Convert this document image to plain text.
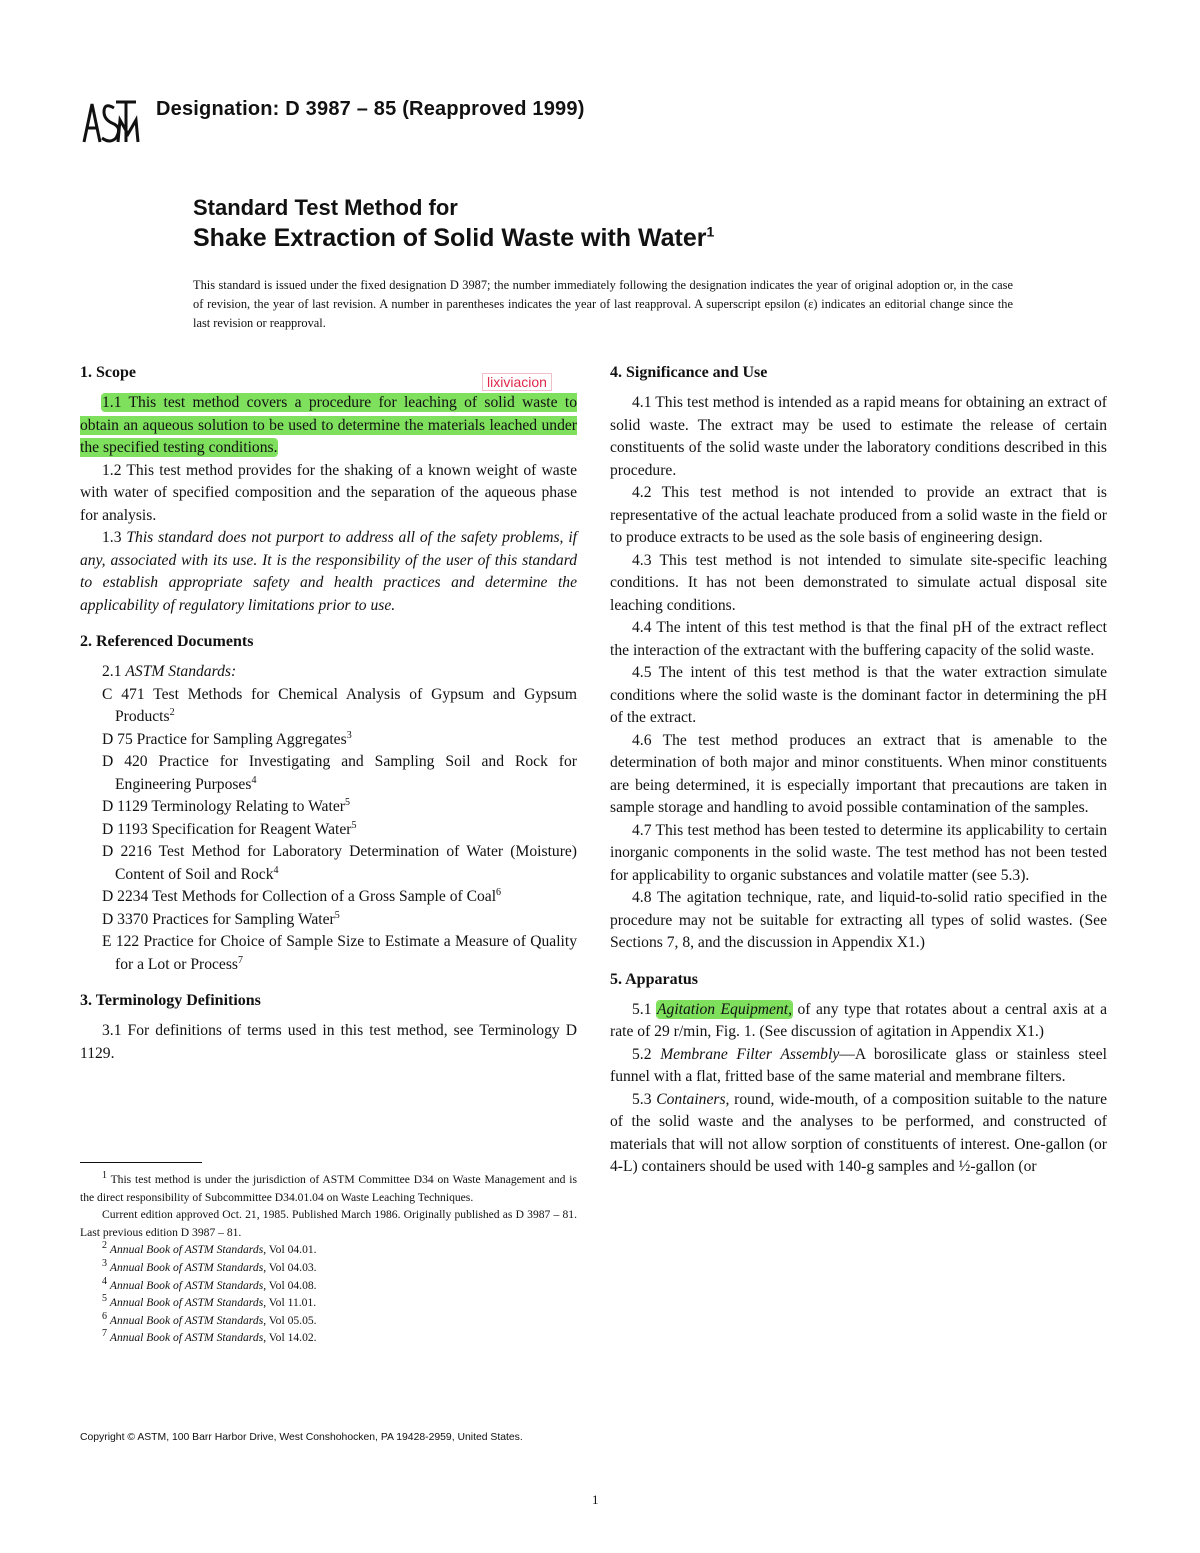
Designation: D 3987 – 85 (Reapproved 1999)
Standard Test Method for
Shake Extraction of Solid Waste with Water$^1$
This standard is issued under the fixed designation D 3987; the number immediately following the designation indicates the year of original adoption or, in the case of revision, the year of last revision. A number in parentheses indicates the year of last reapproval. A superscript epsilon (ε) indicates an editorial change since the last revision or reapproval.
1. Scope

1.1 This test method covers a procedure for leaching of solid waste to obtain an aqueous solution to be used to determine the materials leached under the specified testing conditions.

1.2 This test method provides for the shaking of a known weight of waste with water of specified composition and the separation of the aqueous phase for analysis.

1.3 This standard does not purport to address all of the safety problems, if any, associated with its use. It is the responsibility of the user of this standard to establish appropriate safety and health practices and determine the applicability of regulatory limitations prior to use.

2. Referenced Documents
2.1 ASTM Standards:
C 471 Test Methods for Chemical Analysis of Gypsum and Gypsum Products$^2$
D 75 Practice for Sampling Aggregates$^3$
D 420 Practice for Investigating and Sampling Soil and Rock for Engineering Purposes$^4$
D 1129 Terminology Relating to Water$^5$
D 1193 Specification for Reagent Water$^5$
D 2216 Test Method for Laboratory Determination of Water (Moisture) Content of Soil and Rock$^4$
D 2234 Test Methods for Collection of a Gross Sample of Coal$^6$
D 3370 Practices for Sampling Water$^5$
E 122 Practice for Choice of Sample Size to Estimate a Measure of Quality for a Lot or Process$^7$
3. Terminology Definitions

3.1 For definitions of terms used in this test method, see Terminology D 1129.

lixiviacion

$^1$ This test method is under the jurisdiction of ASTM Committee D34 on Waste Management and is the direct responsibility of Subcommittee D34.01.04 on Waste Leaching Techniques.

Current edition approved Oct. 21, 1985. Published March 1986. Originally published as D 3987 – 81. Last previous edition D 3987 – 81.

$^2$ Annual Book of ASTM Standards, Vol 04.01.

$^3$ Annual Book of ASTM Standards, Vol 04.03.

$^4$ Annual Book of ASTM Standards, Vol 04.08.

$^5$ Annual Book of ASTM Standards, Vol 11.01.

$^6$ Annual Book of ASTM Standards, Vol 05.05.

$^7$ Annual Book of ASTM Standards, Vol 14.02.

4. Significance and Use

4.1 This test method is intended as a rapid means for obtaining an extract of solid waste. The extract may be used to estimate the release of certain constituents of the solid waste under the laboratory conditions described in this procedure.

4.2 This test method is not intended to provide an extract that is representative of the actual leachate produced from a solid waste in the field or to produce extracts to be used as the sole basis of engineering design.

4.3 This test method is not intended to simulate site-specific leaching conditions. It has not been demonstrated to simulate actual disposal site leaching conditions.

4.4 The intent of this test method is that the final pH of the extract reflect the interaction of the extractant with the buffering capacity of the solid waste.

4.5 The intent of this test method is that the water extraction simulate conditions where the solid waste is the dominant factor in determining the pH of the extract.

4.6 The test method produces an extract that is amenable to the determination of both major and minor constituents. When minor constituents are being determined, it is especially important that precautions are taken in sample storage and handling to avoid possible contamination of the samples.

4.7 This test method has been tested to determine its applicability to certain inorganic components in the solid waste. The test method has not been tested for applicability to organic substances and volatile matter (see 5.3).

4.8 The agitation technique, rate, and liquid-to-solid ratio specified in the procedure may not be suitable for extracting all types of solid wastes. (See Sections 7, 8, and the discussion in Appendix X1.)

5. Apparatus

5.1 Agitation Equipment, of any type that rotates about a central axis at a rate of 29 r/min, Fig. 1. (See discussion of agitation in Appendix X1.)

5.2 Membrane Filter Assembly—A borosilicate glass or stainless steel funnel with a flat, fritted base of the same material and membrane filters.

5.3 Containers, round, wide-mouth, of a composition suitable to the nature of the solid waste and the analyses to be performed, and constructed of materials that will not allow sorption of constituents of interest. One-gallon (or 4-L) containers should be used with 140-g samples and ½-gallon (or

Copyright © ASTM, 100 Barr Harbor Drive, West Conshohocken, PA 19428-2959, United States.
1
